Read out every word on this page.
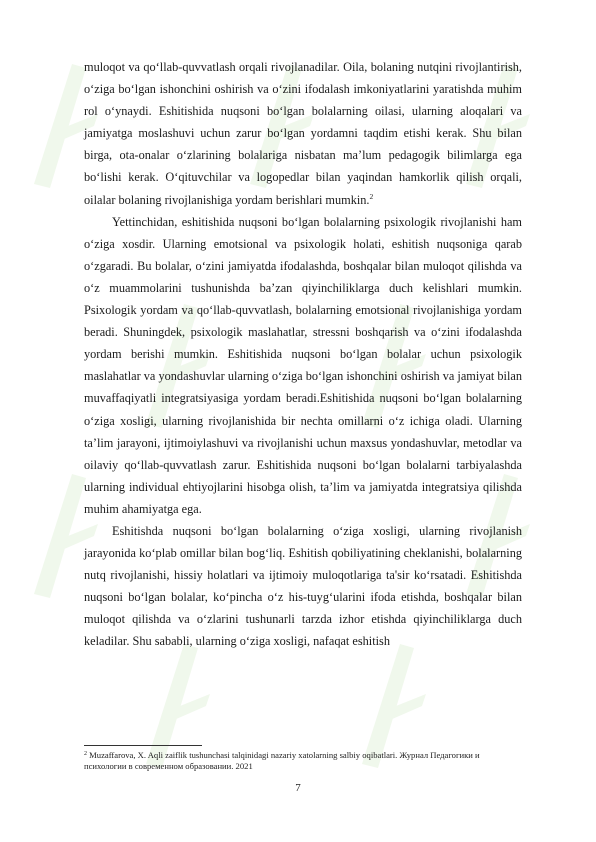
muloqot va qo‘llab-quvvatlash orqali rivojlanadilar. Oila, bolaning nutqini rivojlantirish, o‘ziga bo‘lgan ishonchini oshirish va o‘zini ifodalash imkoniyatlarini yaratishda muhim rol o‘ynaydi. Eshitishida nuqsoni bo‘lgan bolalarning oilasi, ularning aloqalari va jamiyatga moslashuvi uchun zarur bo‘lgan yordamni taqdim etishi kerak. Shu bilan birga, ota-onalar o‘zlarining bolalariga nisbatan ma’lum pedagogik bilimlarga ega bo‘lishi kerak. O‘qituvchilar va logopedlar bilan yaqindan hamkorlik qilish orqali, oilalar bolaning rivojlanishiga yordam berishlari mumkin.$^2$

Yettinchidan, eshitishida nuqsoni bo‘lgan bolalarning psixologik rivojlanishi ham o‘ziga xosdir. Ularning emotsional va psixologik holati, eshitish nuqsoniga qarab o‘zgaradi. Bu bolalar, o‘zini jamiyatda ifodalashda, boshqalar bilan muloqot qilishda va o‘z muammolarini tushunishda ba’zan qiyinchiliklarga duch kelishlari mumkin. Psixologik yordam va qo‘llab-quvvatlash, bolalarning emotsional rivojlanishiga yordam beradi. Shuningdek, psixologik maslahatlar, stressni boshqarish va o‘zini ifodalashda yordam berishi mumkin. Eshitishida nuqsoni bo‘lgan bolalar uchun psixologik maslahatlar va yondashuvlar ularning o‘ziga bo‘lgan ishonchini oshirish va jamiyat bilan muvaffaqiyatli integratsiyasiga yordam beradi.Eshitishida nuqsoni bo‘lgan bolalarning o‘ziga xosligi, ularning rivojlanishida bir nechta omillarni o‘z ichiga oladi. Ularning ta’lim jarayoni, ijtimoiylashuvi va rivojlanishi uchun maxsus yondashuvlar, metodlar va oilaviy qo‘llab-quvvatlash zarur. Eshitishida nuqsoni bo‘lgan bolalarni tarbiyalashda ularning individual ehtiyojlarini hisobga olish, ta’lim va jamiyatda integratsiya qilishda muhim ahamiyatga ega.

Eshitishda nuqsoni bo‘lgan bolalarning o‘ziga xosligi, ularning rivojlanish jarayonida ko‘plab omillar bilan bog‘liq. Eshitish qobiliyatining cheklanishi, bolalarning nutq rivojlanishi, hissiy holatlari va ijtimoiy muloqotlariga ta'sir ko‘rsatadi. Eshitishda nuqsoni bo‘lgan bolalar, ko‘pincha o‘z his-tuyg‘ularini ifoda etishda, boshqalar bilan muloqot qilishda va o‘zlarini tushunarli tarzda izhor etishda qiyinchiliklarga duch keladilar. Shu sababli, ularning o‘ziga xosligi, nafaqat eshitish

$^2$ Muzaffarova, X. Aqli zaiflik tushunchasi talqinidagi nazariy xatolarning salbiy oqibatlari. Журнал Педагогики и психологии в современном образовании. 2021
7
